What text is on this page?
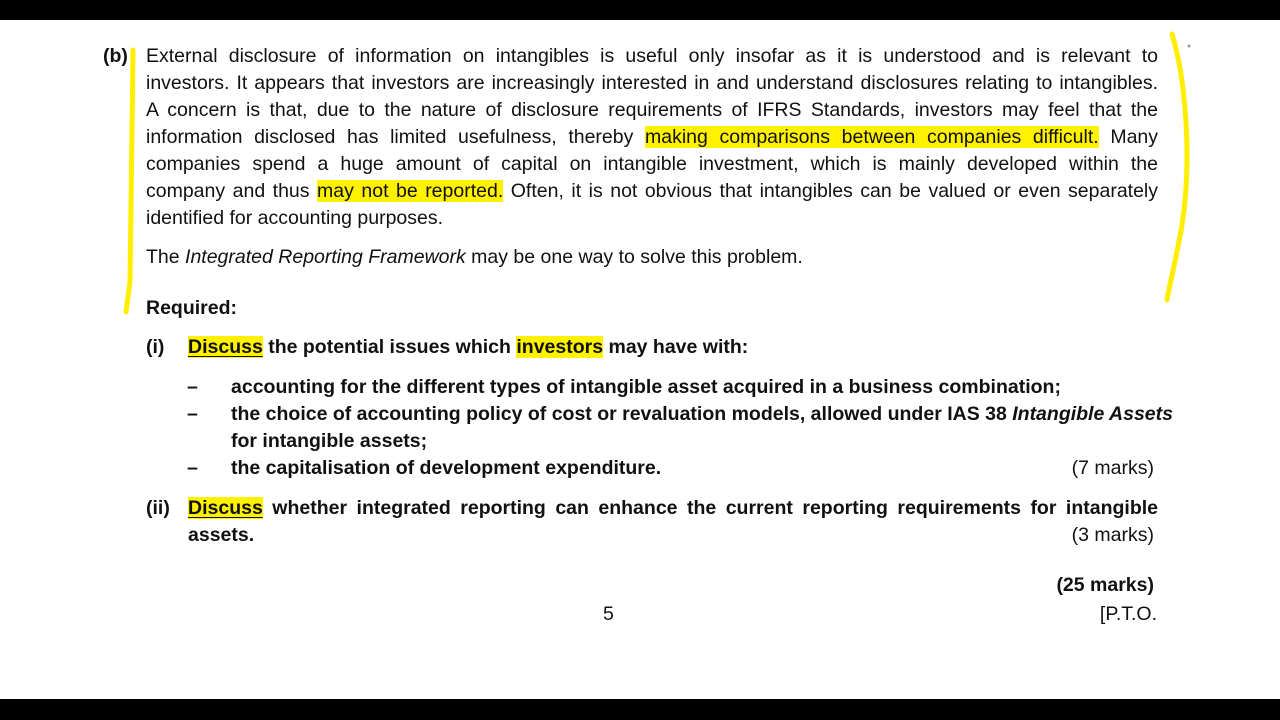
(b) External disclosure of information on intangibles is useful only insofar as it is understood and is relevant to
investors. It appears that investors are increasingly interested in and understand disclosures relating to intangibles.
A concern is that, due to the nature of disclosure requirements of IFRS Standards, investors may feel that the
information disclosed has limited usefulness, thereby making comparisons between companies difficult. Many
companies spend a huge amount of capital on intangible investment, which is mainly developed within the
company and thus may not be reported. Often, it is not obvious that intangibles can be valued or even separately
identified for accounting purposes.
The Integrated Reporting Framework may be one way to solve this problem.
Required:
(i) Discuss the potential issues which investors may have with:
– accounting for the different types of intangible asset acquired in a business combination;
– the choice of accounting policy of cost or revaluation models, allowed under IAS 38 Intangible Assets
for intangible assets;
– the capitalisation of development expenditure.	(7 marks)
(ii) Discuss whether integrated reporting can enhance the current reporting requirements for intangible
assets.	(3 marks)
(25 marks)
5	[P.T.O.
